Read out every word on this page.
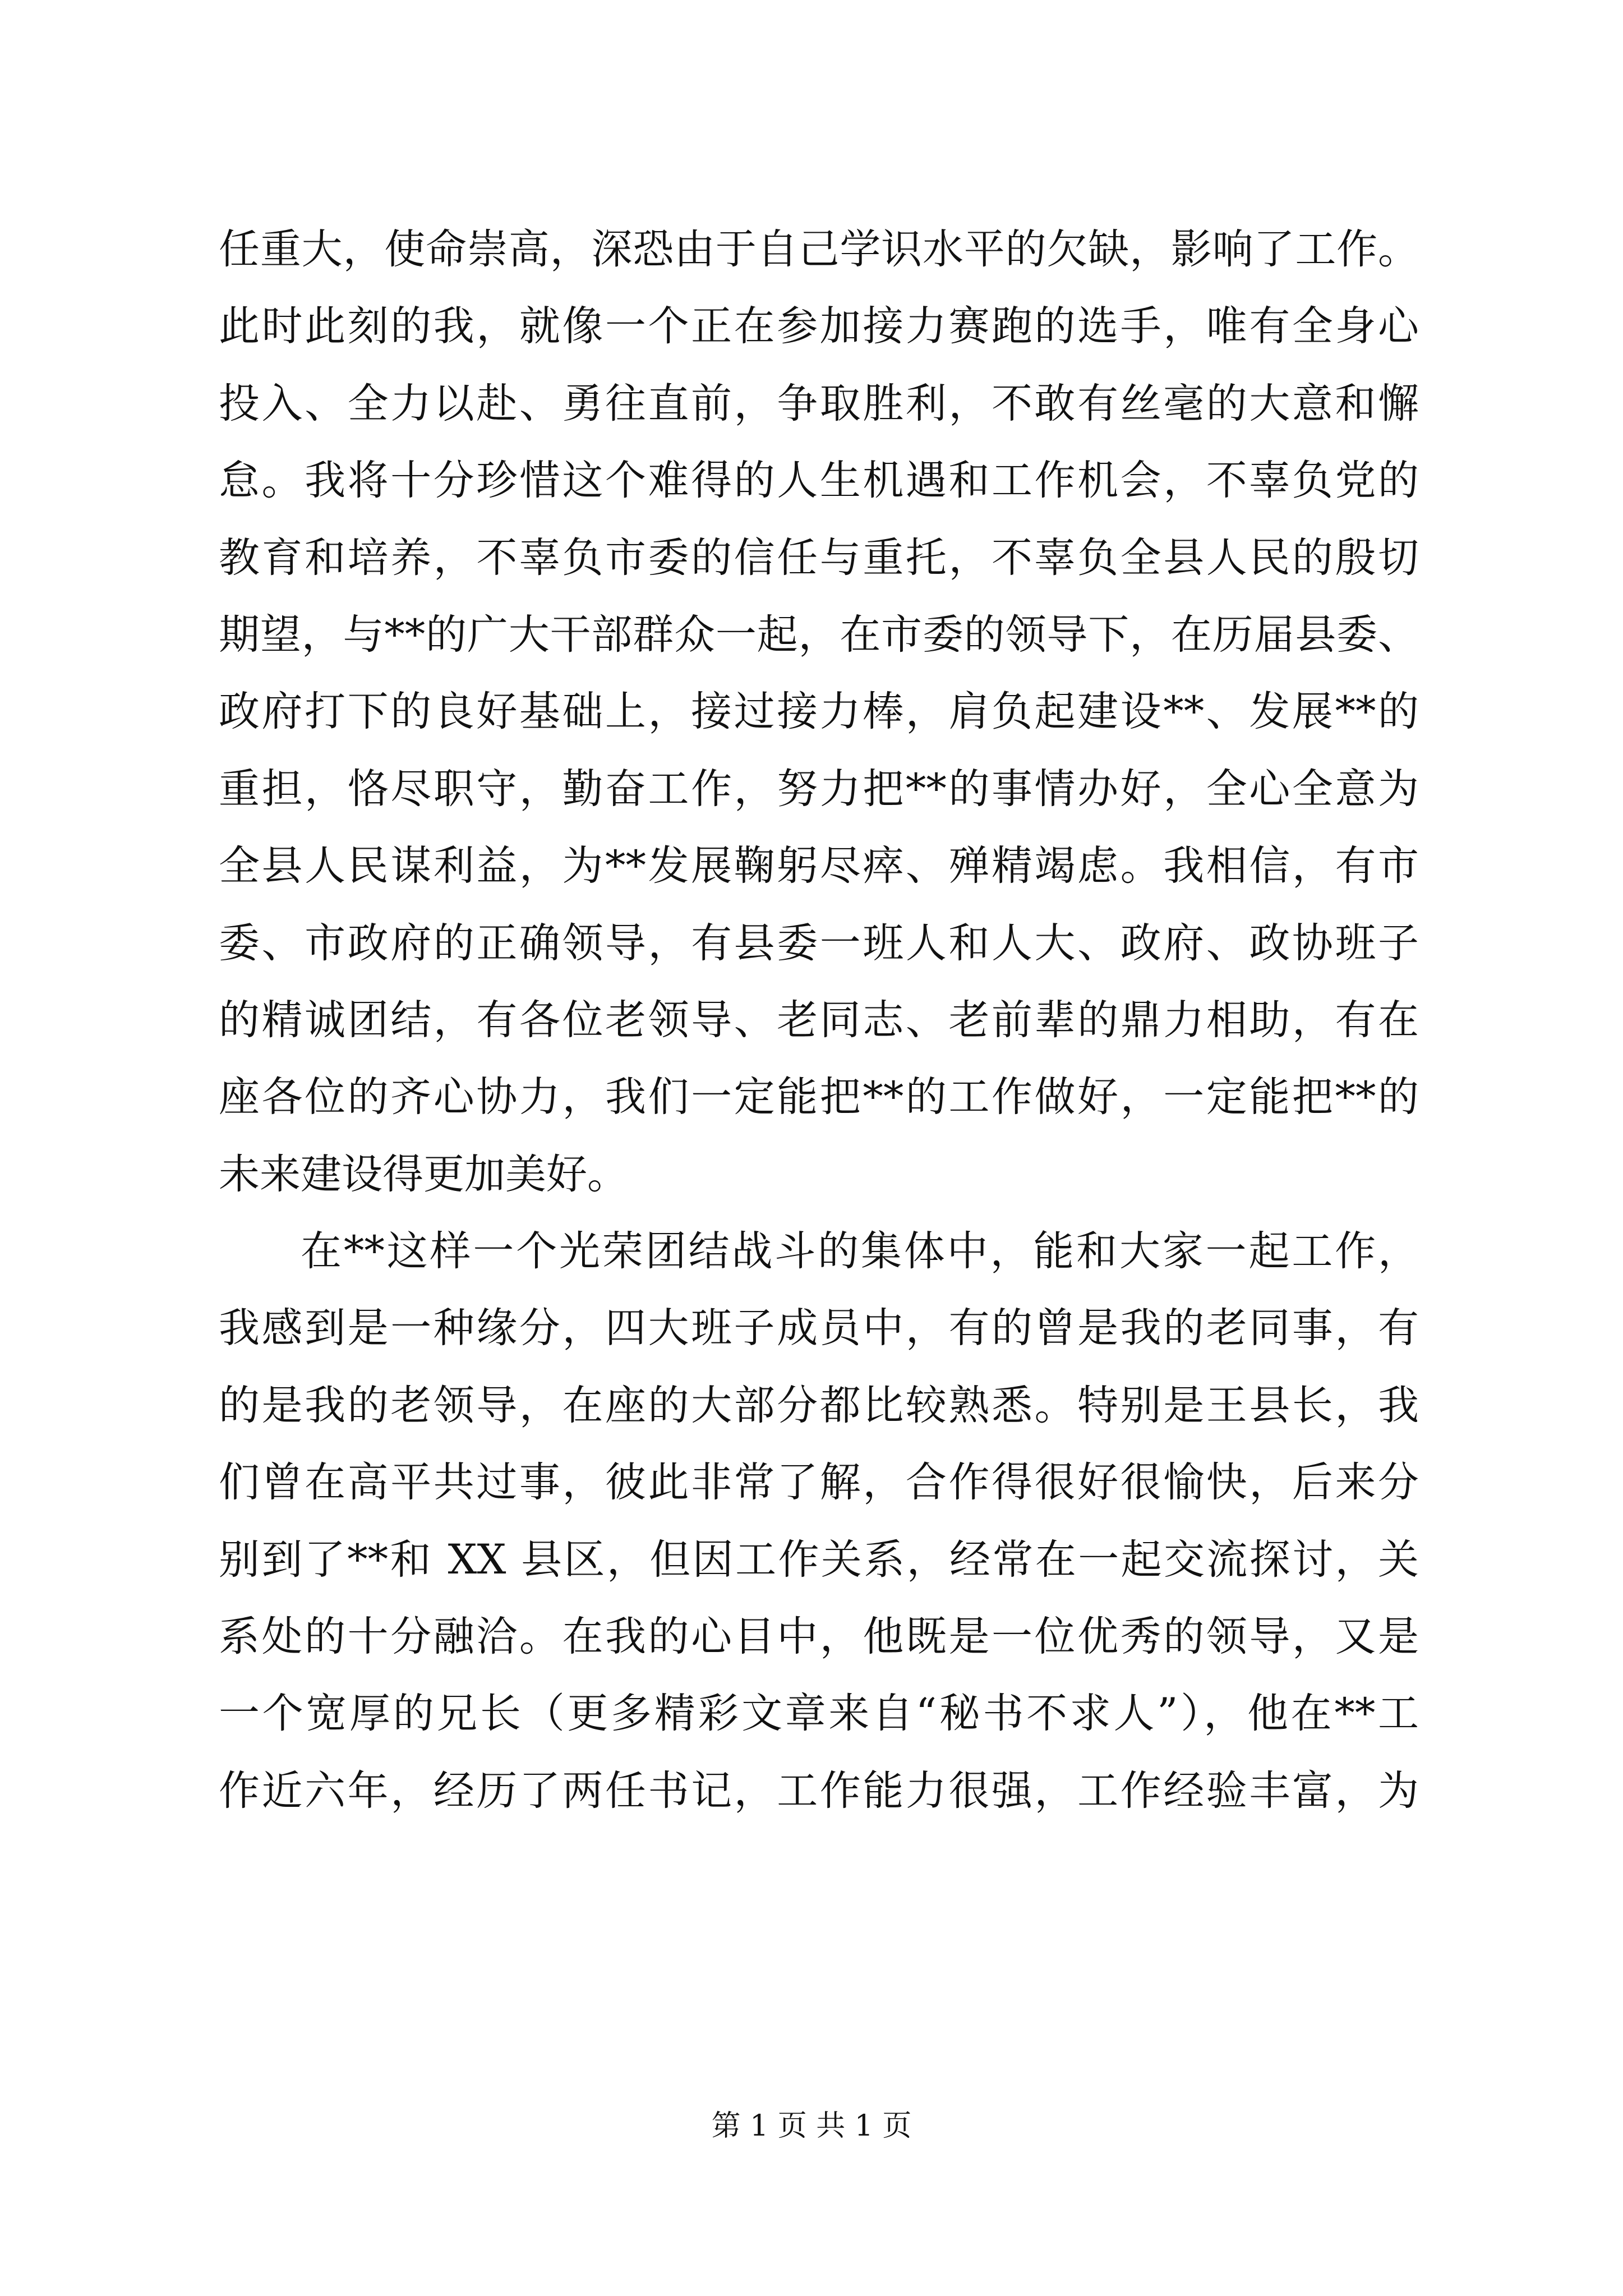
任重大，使命崇高，深恐由于自己学识水平的欠缺，影响了工作。
此时此刻的我，就像一个正在参加接力赛跑的选手，唯有全身心
投入、全力以赴、勇往直前，争取胜利，不敢有丝毫的大意和懈
怠。我将十分珍惜这个难得的人生机遇和工作机会，不辜负党的
教育和培养，不辜负市委的信任与重托，不辜负全县人民的殷切
期望，与**的广大干部群众一起，在市委的领导下，在历届县委、
政府打下的良好基础上，接过接力棒，肩负起建设**、发展**的
重担，恪尽职守，勤奋工作，努力把**的事情办好，全心全意为
全县人民谋利益，为**发展鞠躬尽瘁、殚精竭虑。我相信，有市
委、市政府的正确领导，有县委一班人和人大、政府、政协班子
的精诚团结，有各位老领导、老同志、老前辈的鼎力相助，有在
座各位的齐心协力，我们一定能把**的工作做好，一定能把**的
未来建设得更加美好。
在**这样一个光荣团结战斗的集体中，能和大家一起工作，
我感到是一种缘分，四大班子成员中，有的曾是我的老同事，有
的是我的老领导，在座的大部分都比较熟悉。特别是王县长，我
们曾在高平共过事，彼此非常了解，合作得很好很愉快，后来分
别到了**和 XX 县区，但因工作关系，经常在一起交流探讨，关
系处的十分融洽。在我的心目中，他既是一位优秀的领导，又是
一个宽厚的兄长（更多精彩文章来自“秘书不求人”），他在**工
作近六年，经历了两任书记，工作能力很强，工作经验丰富，为
第 1 页 共 1 页
